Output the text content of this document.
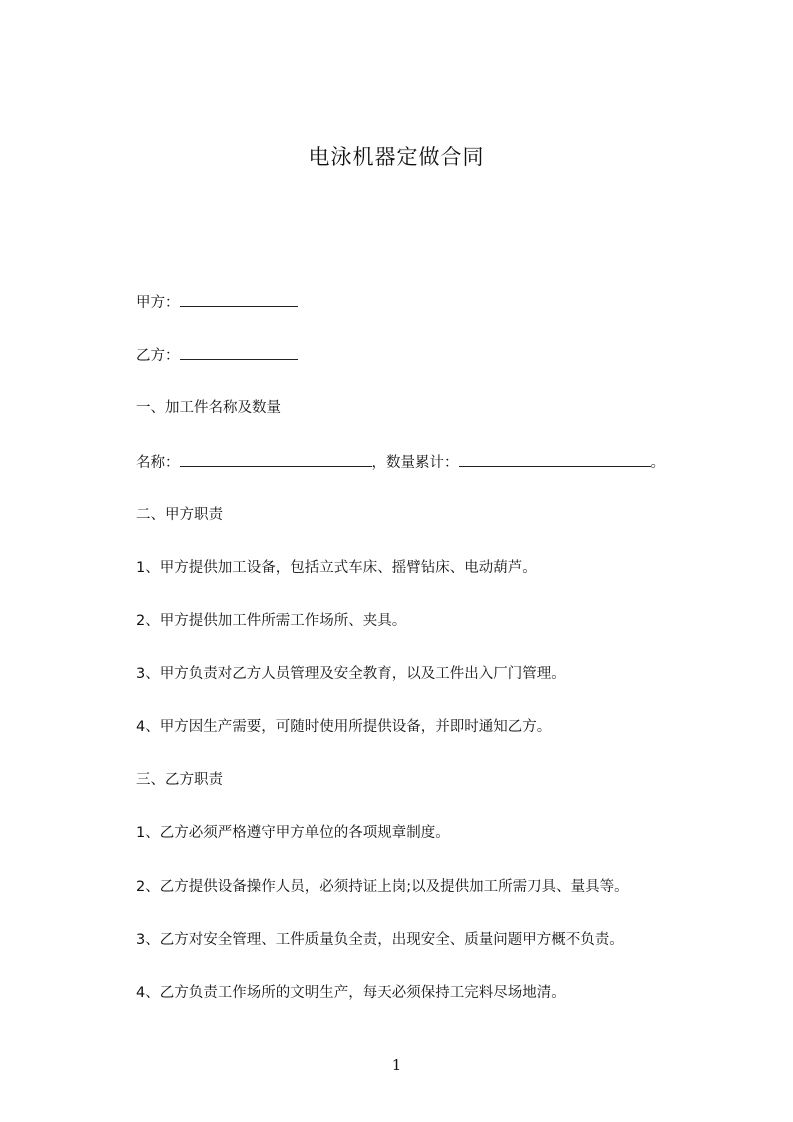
电泳机器定做合同
甲方：
乙方：
一、加工件名称及数量
名称：	，数量累计：	。
二、甲方职责
1、甲方提供加工设备，包括立式车床、摇臂钻床、电动葫芦。
2、甲方提供加工件所需工作场所、夹具。
3、甲方负责对乙方人员管理及安全教育，以及工件出入厂门管理。
4、甲方因生产需要，可随时使用所提供设备，并即时通知乙方。
三、乙方职责
1、乙方必须严格遵守甲方单位的各项规章制度。
2、乙方提供设备操作人员，必须持证上岗;以及提供加工所需刀具、量具等。
3、乙方对安全管理、工件质量负全责，出现安全、质量问题甲方概不负责。
4、乙方负责工作场所的文明生产，每天必须保持工完料尽场地清。
1
